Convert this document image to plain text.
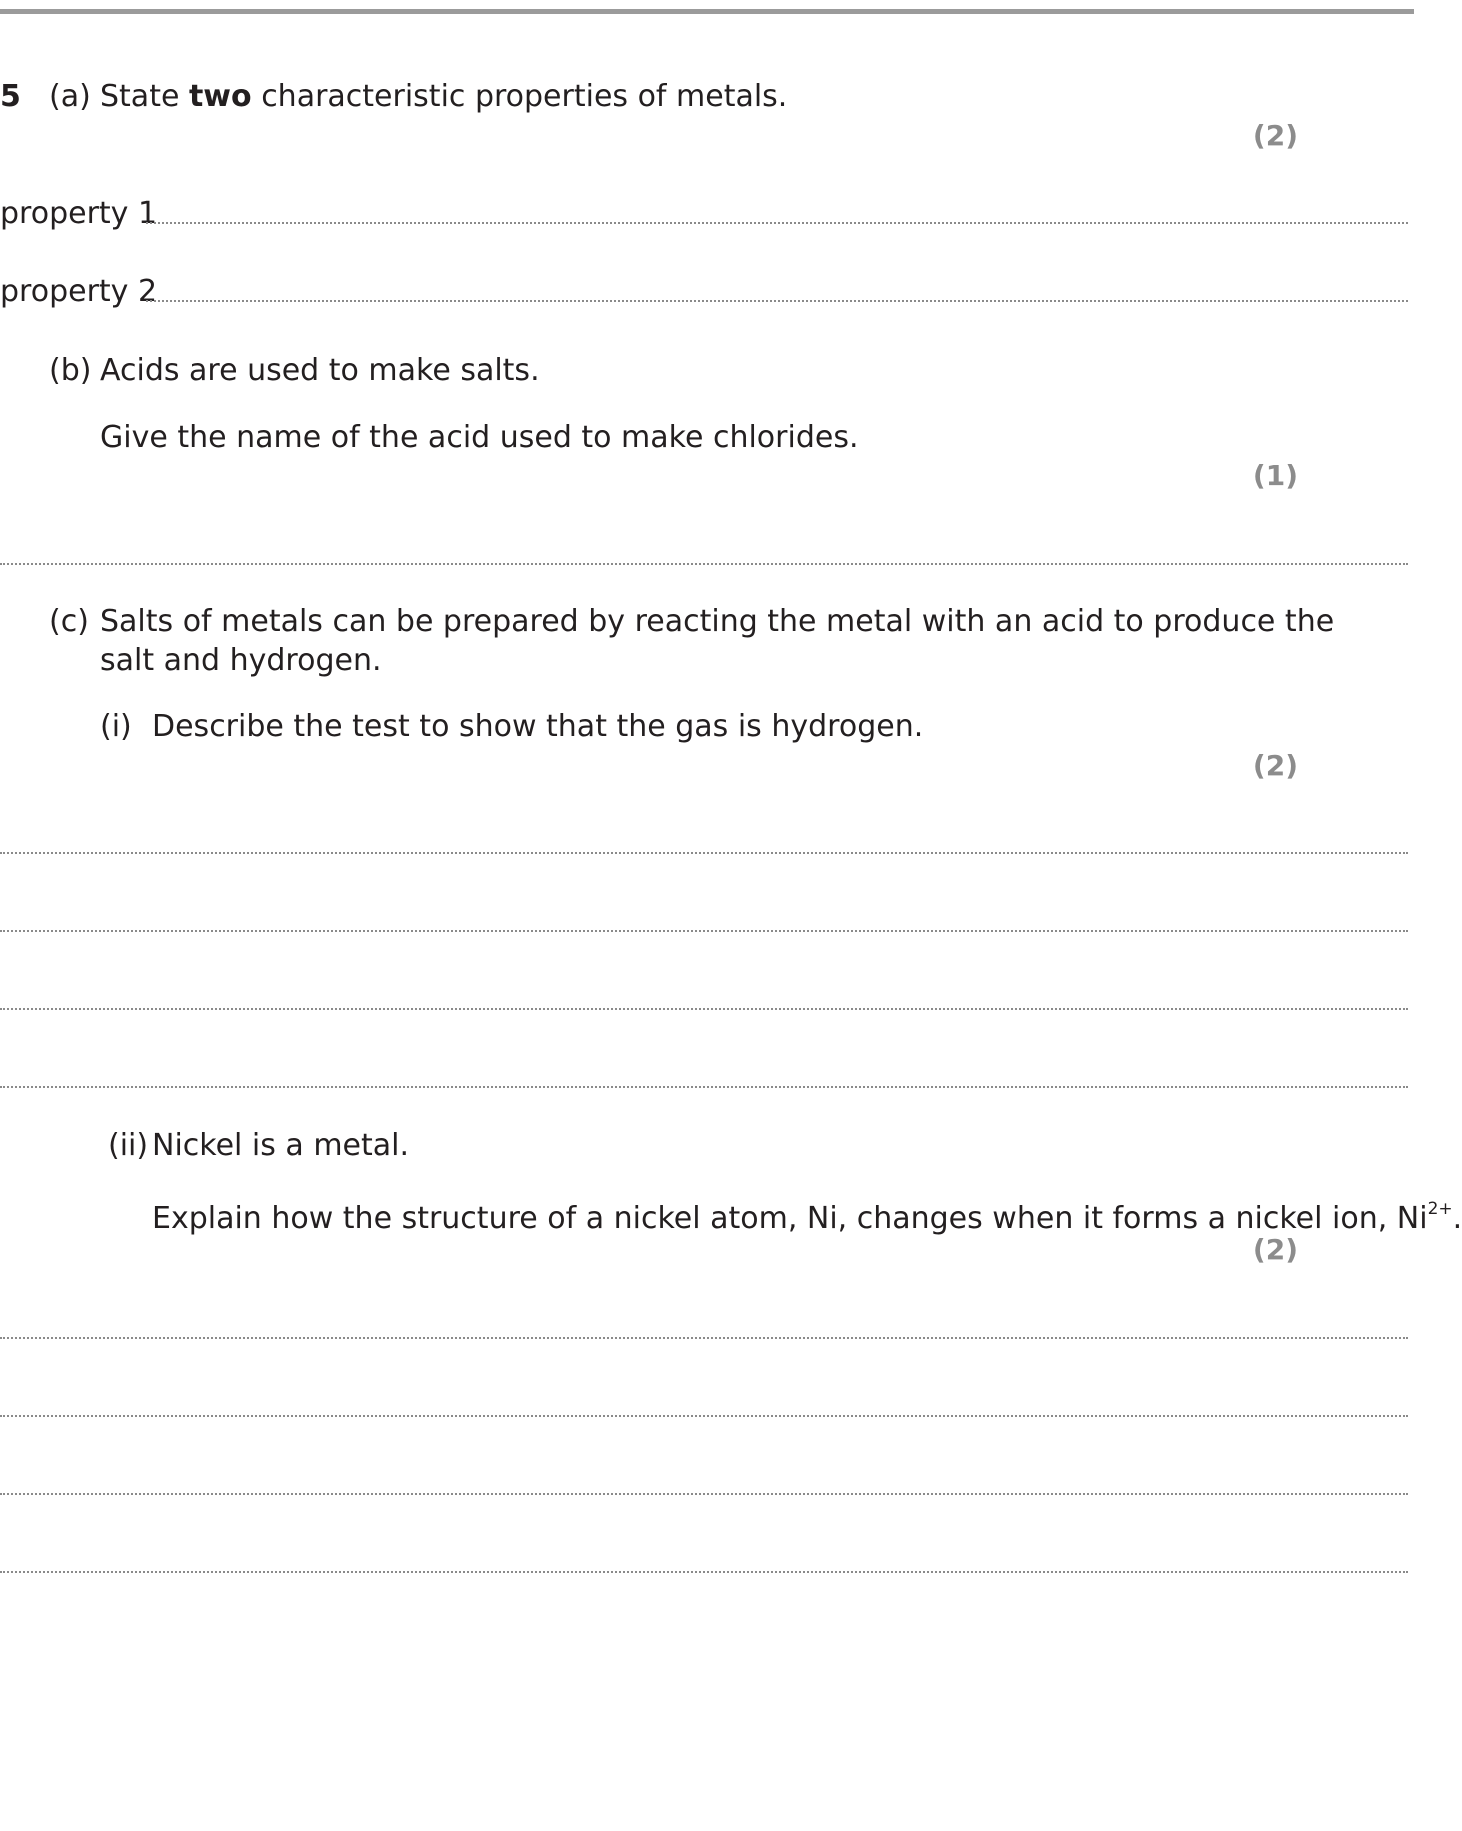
5 (a) State two characteristic properties of metals.
(2)
property 1
property 2
(b) Acids are used to make salts.
Give the name of the acid used to make chlorides.
(1)
(c) Salts of metals can be prepared by reacting the metal with an acid to produce the
salt and hydrogen.
(i) Describe the test to show that the gas is hydrogen.
(2)
(ii) Nickel is a metal.
Explain how the structure of a nickel atom, Ni, changes when it forms a nickel ion, $Ni^{2+}$.
(2)
